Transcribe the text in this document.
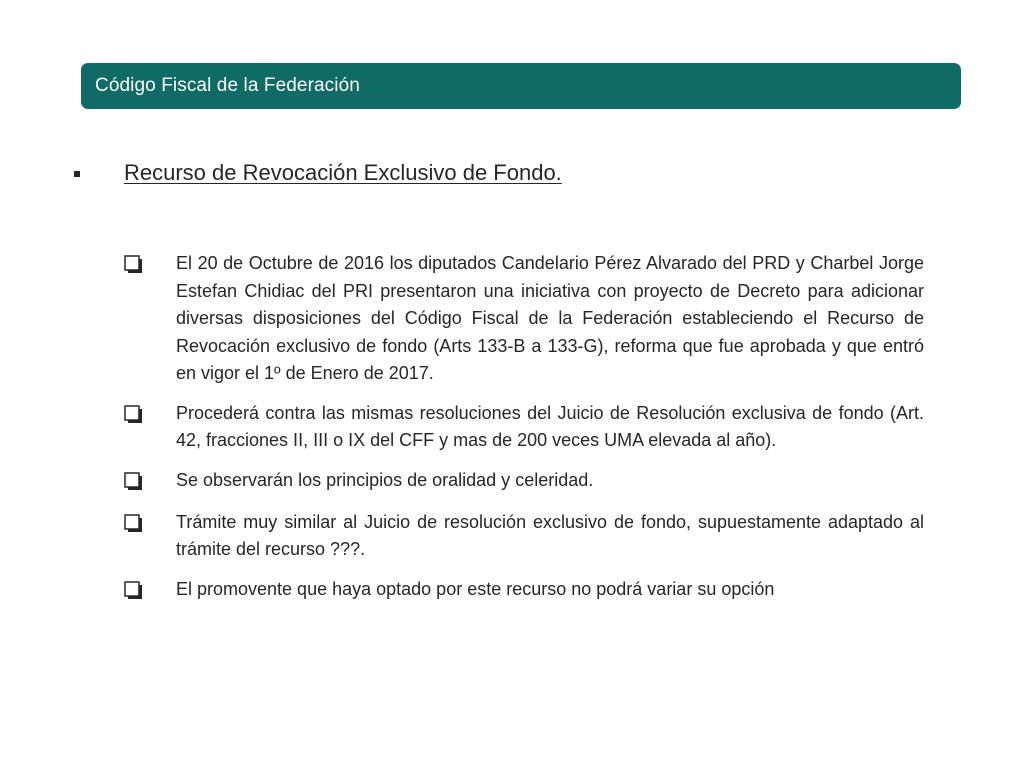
Código Fiscal de la Federación
Recurso de Revocación Exclusivo de Fondo.
El 20 de Octubre de 2016 los diputados Candelario Pérez Alvarado del PRD y Charbel Jorge Estefan Chidiac del PRI presentaron una iniciativa con proyecto de Decreto para adicionar diversas disposiciones del Código Fiscal de la Federación estableciendo el Recurso de Revocación exclusivo de fondo (Arts 133-B a 133-G), reforma que fue aprobada y que entró en vigor el 1º de Enero de 2017.
Procederá contra las mismas resoluciones del Juicio de Resolución exclusiva de fondo (Art. 42, fracciones II, III o IX del CFF y mas de 200 veces UMA elevada al año).
Se observarán los principios de oralidad y celeridad.
Trámite muy similar al Juicio de resolución exclusivo de fondo, supuestamente adaptado al trámite del recurso ???.
El promovente que haya optado por este recurso no podrá variar su opción
